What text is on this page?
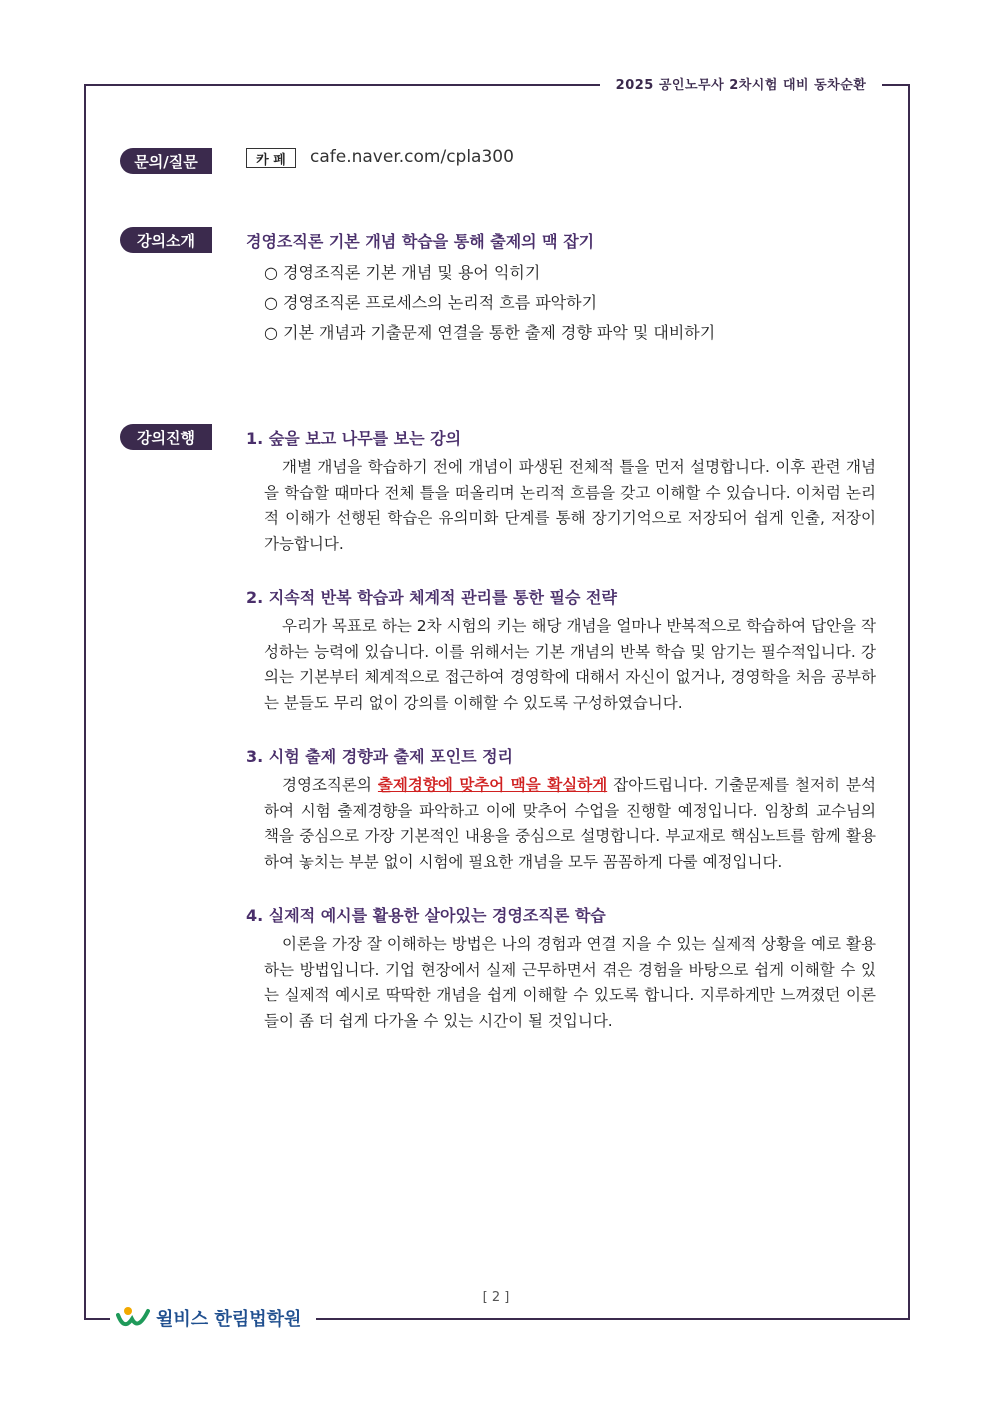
2025 공인노무사 2차시험 대비 동차순환
문의/질문	카 페	cafe.naver.com/cpla300
강의소개	경영조직론 기본 개념 학습을 통해 출제의 맥 잡기
○ 경영조직론 기본 개념 및 용어 익히기
○ 경영조직론 프로세스의 논리적 흐름 파악하기
○ 기본 개념과 기출문제 연결을 통한 출제 경향 파악 및 대비하기
강의진행	1. 숲을 보고 나무를 보는 강의
개별 개념을 학습하기 전에 개념이 파생된 전체적 틀을 먼저 설명합니다. 이후 관련 개념을 학습할 때마다 전체 틀을 떠올리며 논리적 흐름을 갖고 이해할 수 있습니다. 이처럼 논리적 이해가 선행된 학습은 유의미화 단계를 통해 장기기억으로 저장되어 쉽게 인출, 저장이 가능합니다.
2. 지속적 반복 학습과 체계적 관리를 통한 필승 전략
우리가 목표로 하는 2차 시험의 키는 해당 개념을 얼마나 반복적으로 학습하여 답안을 작성하는 능력에 있습니다. 이를 위해서는 기본 개념의 반복 학습 및 암기는 필수적입니다. 강의는 기본부터 체계적으로 접근하여 경영학에 대해서 자신이 없거나, 경영학을 처음 공부하는 분들도 무리 없이 강의를 이해할 수 있도록 구성하였습니다.
3. 시험 출제 경향과 출제 포인트 정리
경영조직론의 출제경향에 맞추어 맥을 확실하게 잡아드립니다. 기출문제를 철저히 분석하여 시험 출제경향을 파악하고 이에 맞추어 수업을 진행할 예정입니다. 임창희 교수님의 책을 중심으로 가장 기본적인 내용을 중심으로 설명합니다. 부교재로 핵심노트를 함께 활용하여 놓치는 부분 없이 시험에 필요한 개념을 모두 꼼꼼하게 다룰 예정입니다.
4. 실제적 예시를 활용한 살아있는 경영조직론 학습
이론을 가장 잘 이해하는 방법은 나의 경험과 연결 지을 수 있는 실제적 상황을 예로 활용하는 방법입니다. 기업 현장에서 실제 근무하면서 겪은 경험을 바탕으로 쉽게 이해할 수 있는 실제적 예시로 딱딱한 개념을 쉽게 이해할 수 있도록 합니다. 지루하게만 느껴졌던 이론들이 좀 더 쉽게 다가올 수 있는 시간이 될 것입니다.
[ 2 ]
윌비스 한림법학원
